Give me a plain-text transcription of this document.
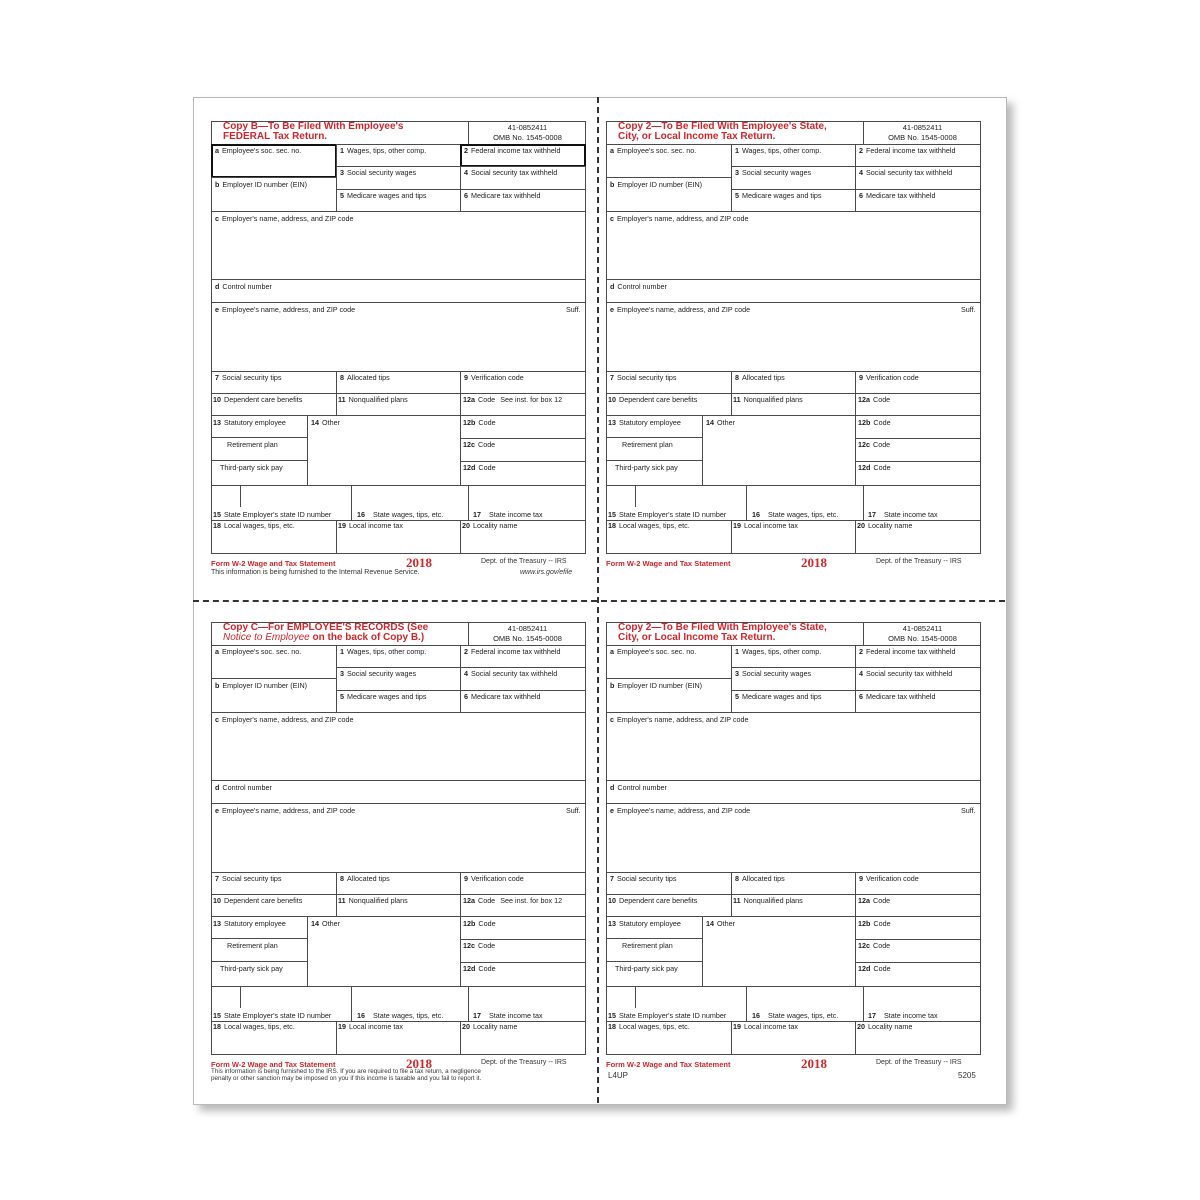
Copy B—To Be Filed With Employee's
FEDERAL Tax Return.
41-0852411
OMB No. 1545-0008
a Employee's soc. sec. no.	1 Wages, tips, other comp.	2 Federal income tax withheld
3 Social security wages	4 Social security tax withheld
b Employer ID number (EIN)
5 Medicare wages and tips	6 Medicare tax withheld
c Employer's name, address, and ZIP code
d Control number
e Employee's name, address, and ZIP code	Suff.
7 Social security tips	8 Allocated tips	9 Verification code
10 Dependent care benefits	11 Nonqualified plans	12a Code See inst. for box 12
13 Statutory employee
Retirement plan
Third-party sick pay
14 Other	12b Code
12c Code
12d Code
15 State Employer's state ID number	16 State wages, tips, etc.	17 State income tax
18 Local wages, tips, etc.	19 Local income tax	20 Locality name
Form W-2 Wage and Tax Statement	2018	Dept. of the Treasury -- IRS
Copy 2—To Be Filed With Employee's State,
City, or Local Income Tax Return.
41-0852411
OMB No. 1545-0008
a Employee's soc. sec. no.	1 Wages, tips, other comp.	2 Federal income tax withheld
3 Social security wages	4 Social security tax withheld
b Employer ID number (EIN)
5 Medicare wages and tips	6 Medicare tax withheld
c Employer's name, address, and ZIP code
d Control number
e Employee's name, address, and ZIP code	Suff.
7 Social security tips	8 Allocated tips	9 Verification code
10 Dependent care benefits	11 Nonqualified plans	12a Code
13 Statutory employee
Retirement plan
Third-party sick pay
14 Other	12b Code
12c Code
12d Code
15 State Employer's state ID number	16 State wages, tips, etc.	17 State income tax
18 Local wages, tips, etc.	19 Local income tax	20 Locality name
Form W-2 Wage and Tax Statement	2018	Dept. of the Treasury -- IRS
Copy C—For EMPLOYEE'S RECORDS (See
Notice to Employee on the back of Copy B.)
41-0852411
OMB No. 1545-0008
a Employee's soc. sec. no.	1 Wages, tips, other comp.	2 Federal income tax withheld
3 Social security wages	4 Social security tax withheld
b Employer ID number (EIN)
5 Medicare wages and tips	6 Medicare tax withheld
c Employer's name, address, and ZIP code
d Control number
e Employee's name, address, and ZIP code	Suff.
7 Social security tips	8 Allocated tips	9 Verification code
10 Dependent care benefits	11 Nonqualified plans	12a Code See inst. for box 12
13 Statutory employee
Retirement plan
Third-party sick pay
14 Other	12b Code
12c Code
12d Code
15 State Employer's state ID number	16 State wages, tips, etc.	17 State income tax
18 Local wages, tips, etc.	19 Local income tax	20 Locality name
Form W-2 Wage and Tax Statement	2018	Dept. of the Treasury -- IRS
Copy 2—To Be Filed With Employee's State,
City, or Local Income Tax Return.
41-0852411
OMB No. 1545-0008
a Employee's soc. sec. no.	1 Wages, tips, other comp.	2 Federal income tax withheld
3 Social security wages	4 Social security tax withheld
b Employer ID number (EIN)
5 Medicare wages and tips	6 Medicare tax withheld
c Employer's name, address, and ZIP code
d Control number
e Employee's name, address, and ZIP code	Suff.
7 Social security tips	8 Allocated tips	9 Verification code
10 Dependent care benefits	11 Nonqualified plans	12a Code
13 Statutory employee
Retirement plan
Third-party sick pay
14 Other	12b Code
12c Code
12d Code
15 State Employer's state ID number	16 State wages, tips, etc.	17 State income tax
18 Local wages, tips, etc.	19 Local income tax	20 Locality name
Form W-2 Wage and Tax Statement	2018	Dept. of the Treasury -- IRS
This information is being furnished to the Internal Revenue Service.	www.irs.gov/efile
This information is being furnished to the IRS. If you are required to file a tax return, a negligence
penalty or other sanction may be imposed on you if this income is taxable and you fail to report it.	L4UP	5205
